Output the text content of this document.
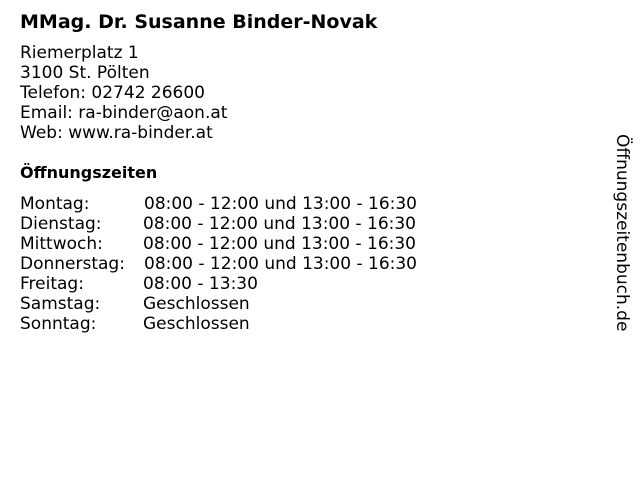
MMag. Dr. Susanne Binder-Novak
Riemerplatz 1
3100 St. Pölten
Telefon: 02742 26600
Email: ra-binder@aon.at
Web: www.ra-binder.at
Öffnungszeiten
Montag:	08:00 - 12:00 und 13:00 - 16:30
Dienstag: 08:00 - 12:00 und 13:00 - 16:30
Mittwoch: 08:00 - 12:00 und 13:00 - 16:30
Donnerstag: 08:00 - 12:00 und 13:00 - 16:30
Freitag:	08:00 - 13:30
Samstag:	Geschlossen
Sonntag:	Geschlossen	Öffnungszeitenbuch.de
